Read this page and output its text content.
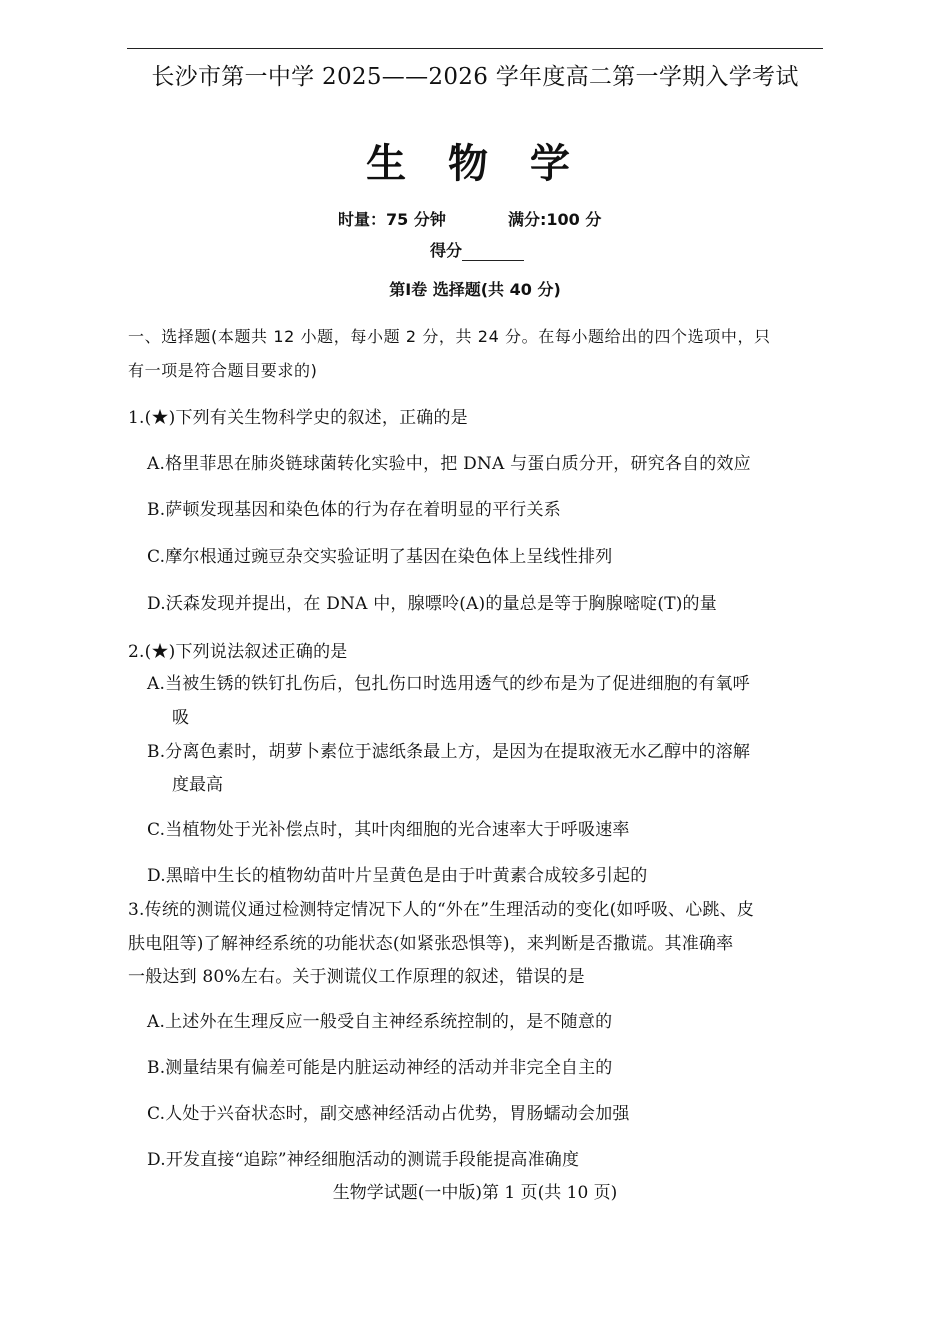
长沙市第一中学 2025——2026 学年度高二第一学期入学考试
生 物 学
时量：75 分钟	满分:100 分
得分
第Ⅰ卷 选择题(共 40 分)
一、选择题(本题共 12 小题，每小题 2 分，共 24 分。在每小题给出的四个选项中，只
有一项是符合题目要求的)
1.(★)下列有关生物科学史的叙述，正确的是
A.格里菲思在肺炎链球菌转化实验中，把 DNA 与蛋白质分开，研究各自的效应
B.萨顿发现基因和染色体的行为存在着明显的平行关系
C.摩尔根通过豌豆杂交实验证明了基因在染色体上呈线性排列
D.沃森发现并提出，在 DNA 中，腺嘌呤(A)的量总是等于胸腺嘧啶(T)的量
2.(★)下列说法叙述正确的是
A.当被生锈的铁钉扎伤后，包扎伤口时选用透气的纱布是为了促进细胞的有氧呼
吸
B.分离色素时，胡萝卜素位于滤纸条最上方，是因为在提取液无水乙醇中的溶解
度最高
C.当植物处于光补偿点时，其叶肉细胞的光合速率大于呼吸速率
D.黑暗中生长的植物幼苗叶片呈黄色是由于叶黄素合成较多引起的
3.传统的测谎仪通过检测特定情况下人的“外在”生理活动的变化(如呼吸、心跳、皮
肤电阻等)了解神经系统的功能状态(如紧张恐惧等)，来判断是否撒谎。其准确率
一般达到 80%左右。关于测谎仪工作原理的叙述，错误的是
A.上述外在生理反应一般受自主神经系统控制的，是不随意的
B.测量结果有偏差可能是内脏运动神经的活动并非完全自主的
C.人处于兴奋状态时，副交感神经活动占优势，胃肠蠕动会加强
D.开发直接“追踪”神经细胞活动的测谎手段能提高准确度
生物学试题(一中版)第 1 页(共 10 页)
